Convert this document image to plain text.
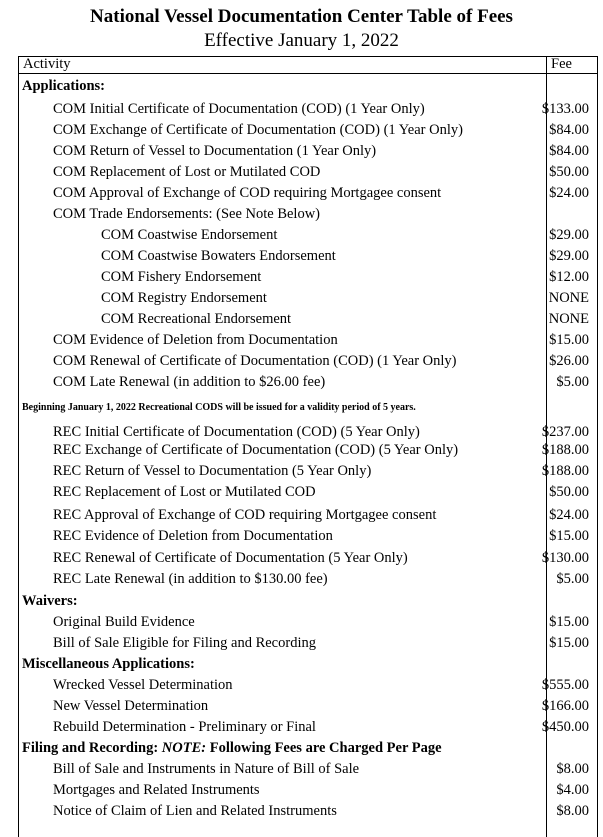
National Vessel Documentation Center Table of Fees
Effective January 1, 2022
Activity	Fee
Applications:
COM Initial Certificate of Documentation (COD) (1 Year Only)	$133.00
COM Exchange of Certificate of Documentation (COD) (1 Year Only)	$84.00
COM Return of Vessel to Documentation (1 Year Only)	$84.00
COM Replacement of Lost or Mutilated COD	$50.00
COM Approval of Exchange of COD requiring Mortgagee consent	$24.00
COM Trade Endorsements: (See Note Below)
COM Coastwise Endorsement	$29.00
COM Coastwise Bowaters Endorsement	$29.00
COM Fishery Endorsement	$12.00
COM Registry Endorsement	NONE
COM Recreational Endorsement	NONE
COM Evidence of Deletion from Documentation	$15.00
COM Renewal of Certificate of Documentation (COD) (1 Year Only)	$26.00
COM Late Renewal (in addition to $26.00 fee)	$5.00
Beginning January 1, 2022 Recreational CODS will be issued for a validity period of 5 years.
REC Initial Certificate of Documentation (COD) (5 Year Only)	$237.00
REC Exchange of Certificate of Documentation (COD) (5 Year Only)	$188.00
REC Return of Vessel to Documentation (5 Year Only)	$188.00
REC Replacement of Lost or Mutilated COD	$50.00
REC Approval of Exchange of COD requiring Mortgagee consent	$24.00
REC Evidence of Deletion from Documentation	$15.00
REC Renewal of Certificate of Documentation (5 Year Only)	$130.00
REC Late Renewal (in addition to $130.00 fee)	$5.00
Waivers:
Original Build Evidence	$15.00
Bill of Sale Eligible for Filing and Recording	$15.00
Miscellaneous Applications:
Wrecked Vessel Determination	$555.00
New Vessel Determination	$166.00
Rebuild Determination - Preliminary or Final	$450.00
Filing and Recording: NOTE: Following Fees are Charged Per Page
Bill of Sale and Instruments in Nature of Bill of Sale	$8.00
Mortgages and Related Instruments	$4.00
Notice of Claim of Lien and Related Instruments	$8.00
